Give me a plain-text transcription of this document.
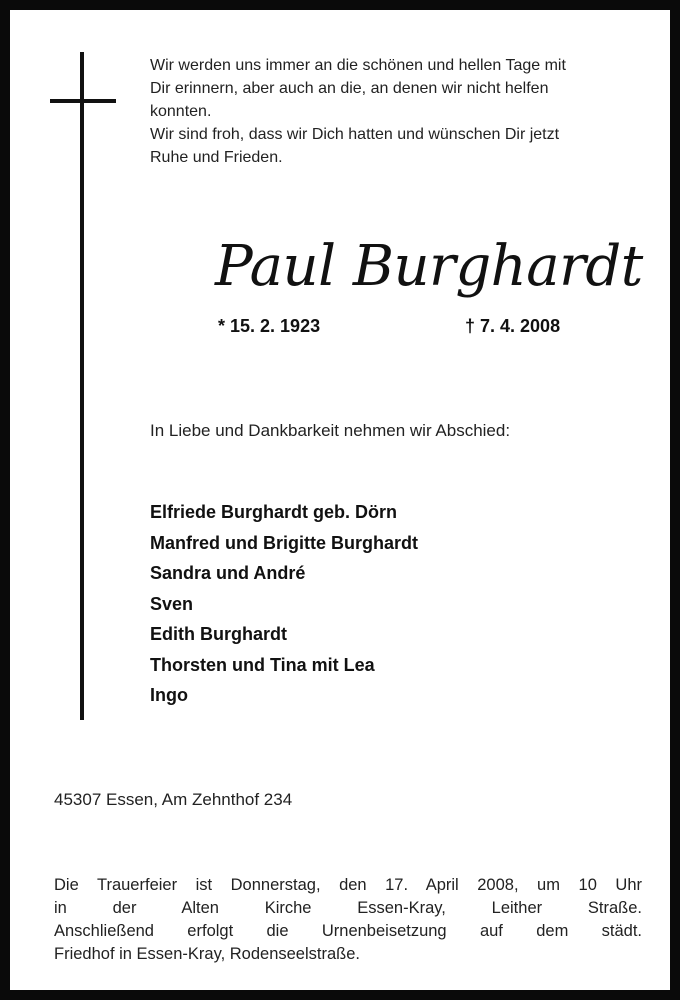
Wir werden uns immer an die schönen und hellen Tage mit
Dir erinnern, aber auch an die, an denen wir nicht helfen
konnten.
Wir sind froh, dass wir Dich hatten und wünschen Dir jetzt
Ruhe und Frieden.
Paul Burghardt
* 15. 2. 1923	† 7. 4. 2008
In Liebe und Dankbarkeit nehmen wir Abschied:
Elfriede Burghardt geb. Dörn
Manfred und Brigitte Burghardt
Sandra und André
Sven
Edith Burghardt
Thorsten und Tina mit Lea
Ingo
45307 Essen, Am Zehnthof 234
Die Trauerfeier ist Donnerstag, den 17. April 2008, um 10 Uhr
in der Alten Kirche Essen-Kray, Leither Straße.
Anschließend erfolgt die Urnenbeisetzung auf dem städt.
Friedhof in Essen-Kray, Rodenseelstraße.
